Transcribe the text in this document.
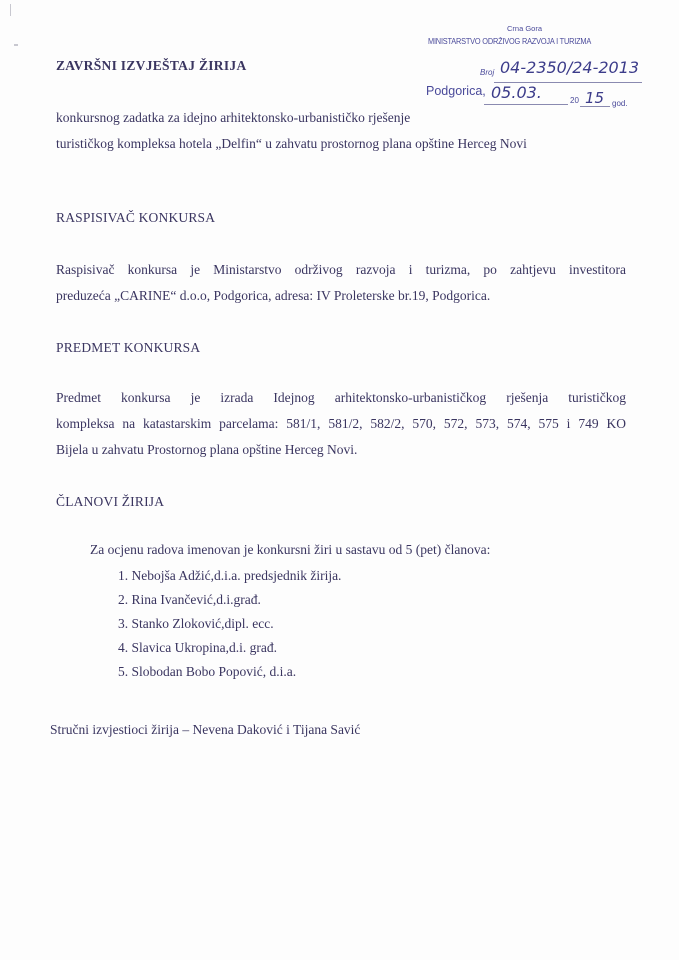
Crna Gora
MINISTARSTVO ODRŽIVOG RAZVOJA I TURIZMA
Broj 04-2350/24-2013
Podgorica, 05.03.	20 15 god.
ZAVRŠNI IZVJEŠTAJ ŽIRIJA
konkursnog zadatka za idejno arhitektonsko-urbanističko rješenje
turističkog kompleksa hotela „Delfin“ u zahvatu prostornog plana opštine Herceg Novi
RASPISIVAČ KONKURSA
Raspisivač konkursa je Ministarstvo održivog razvoja i turizma, po zahtjevu investitora
preduzeća „CARINE“ d.o.o, Podgorica, adresa: IV Proleterske br.19, Podgorica.
PREDMET KONKURSA
Predmet konkursa je izrada Idejnog arhitektonsko-urbanističkog rješenja turističkog
kompleksa na katastarskim parcelama: 581/1, 581/2, 582/2, 570, 572, 573, 574, 575 i 749 KO
Bijela u zahvatu Prostornog plana opštine Herceg Novi.
ČLANOVI ŽIRIJA
Za ocjenu radova imenovan je konkursni žiri u sastavu od 5 (pet) članova:
1. Nebojša Adžić,d.i.a. predsjednik žirija.
2. Rina Ivančević,d.i.građ.
3. Stanko Zloković,dipl. ecc.
4. Slavica Ukropina,d.i. građ.
5. Slobodan Bobo Popović, d.i.a.
Stručni izvjestioci žirija – Nevena Daković i Tijana Savić
